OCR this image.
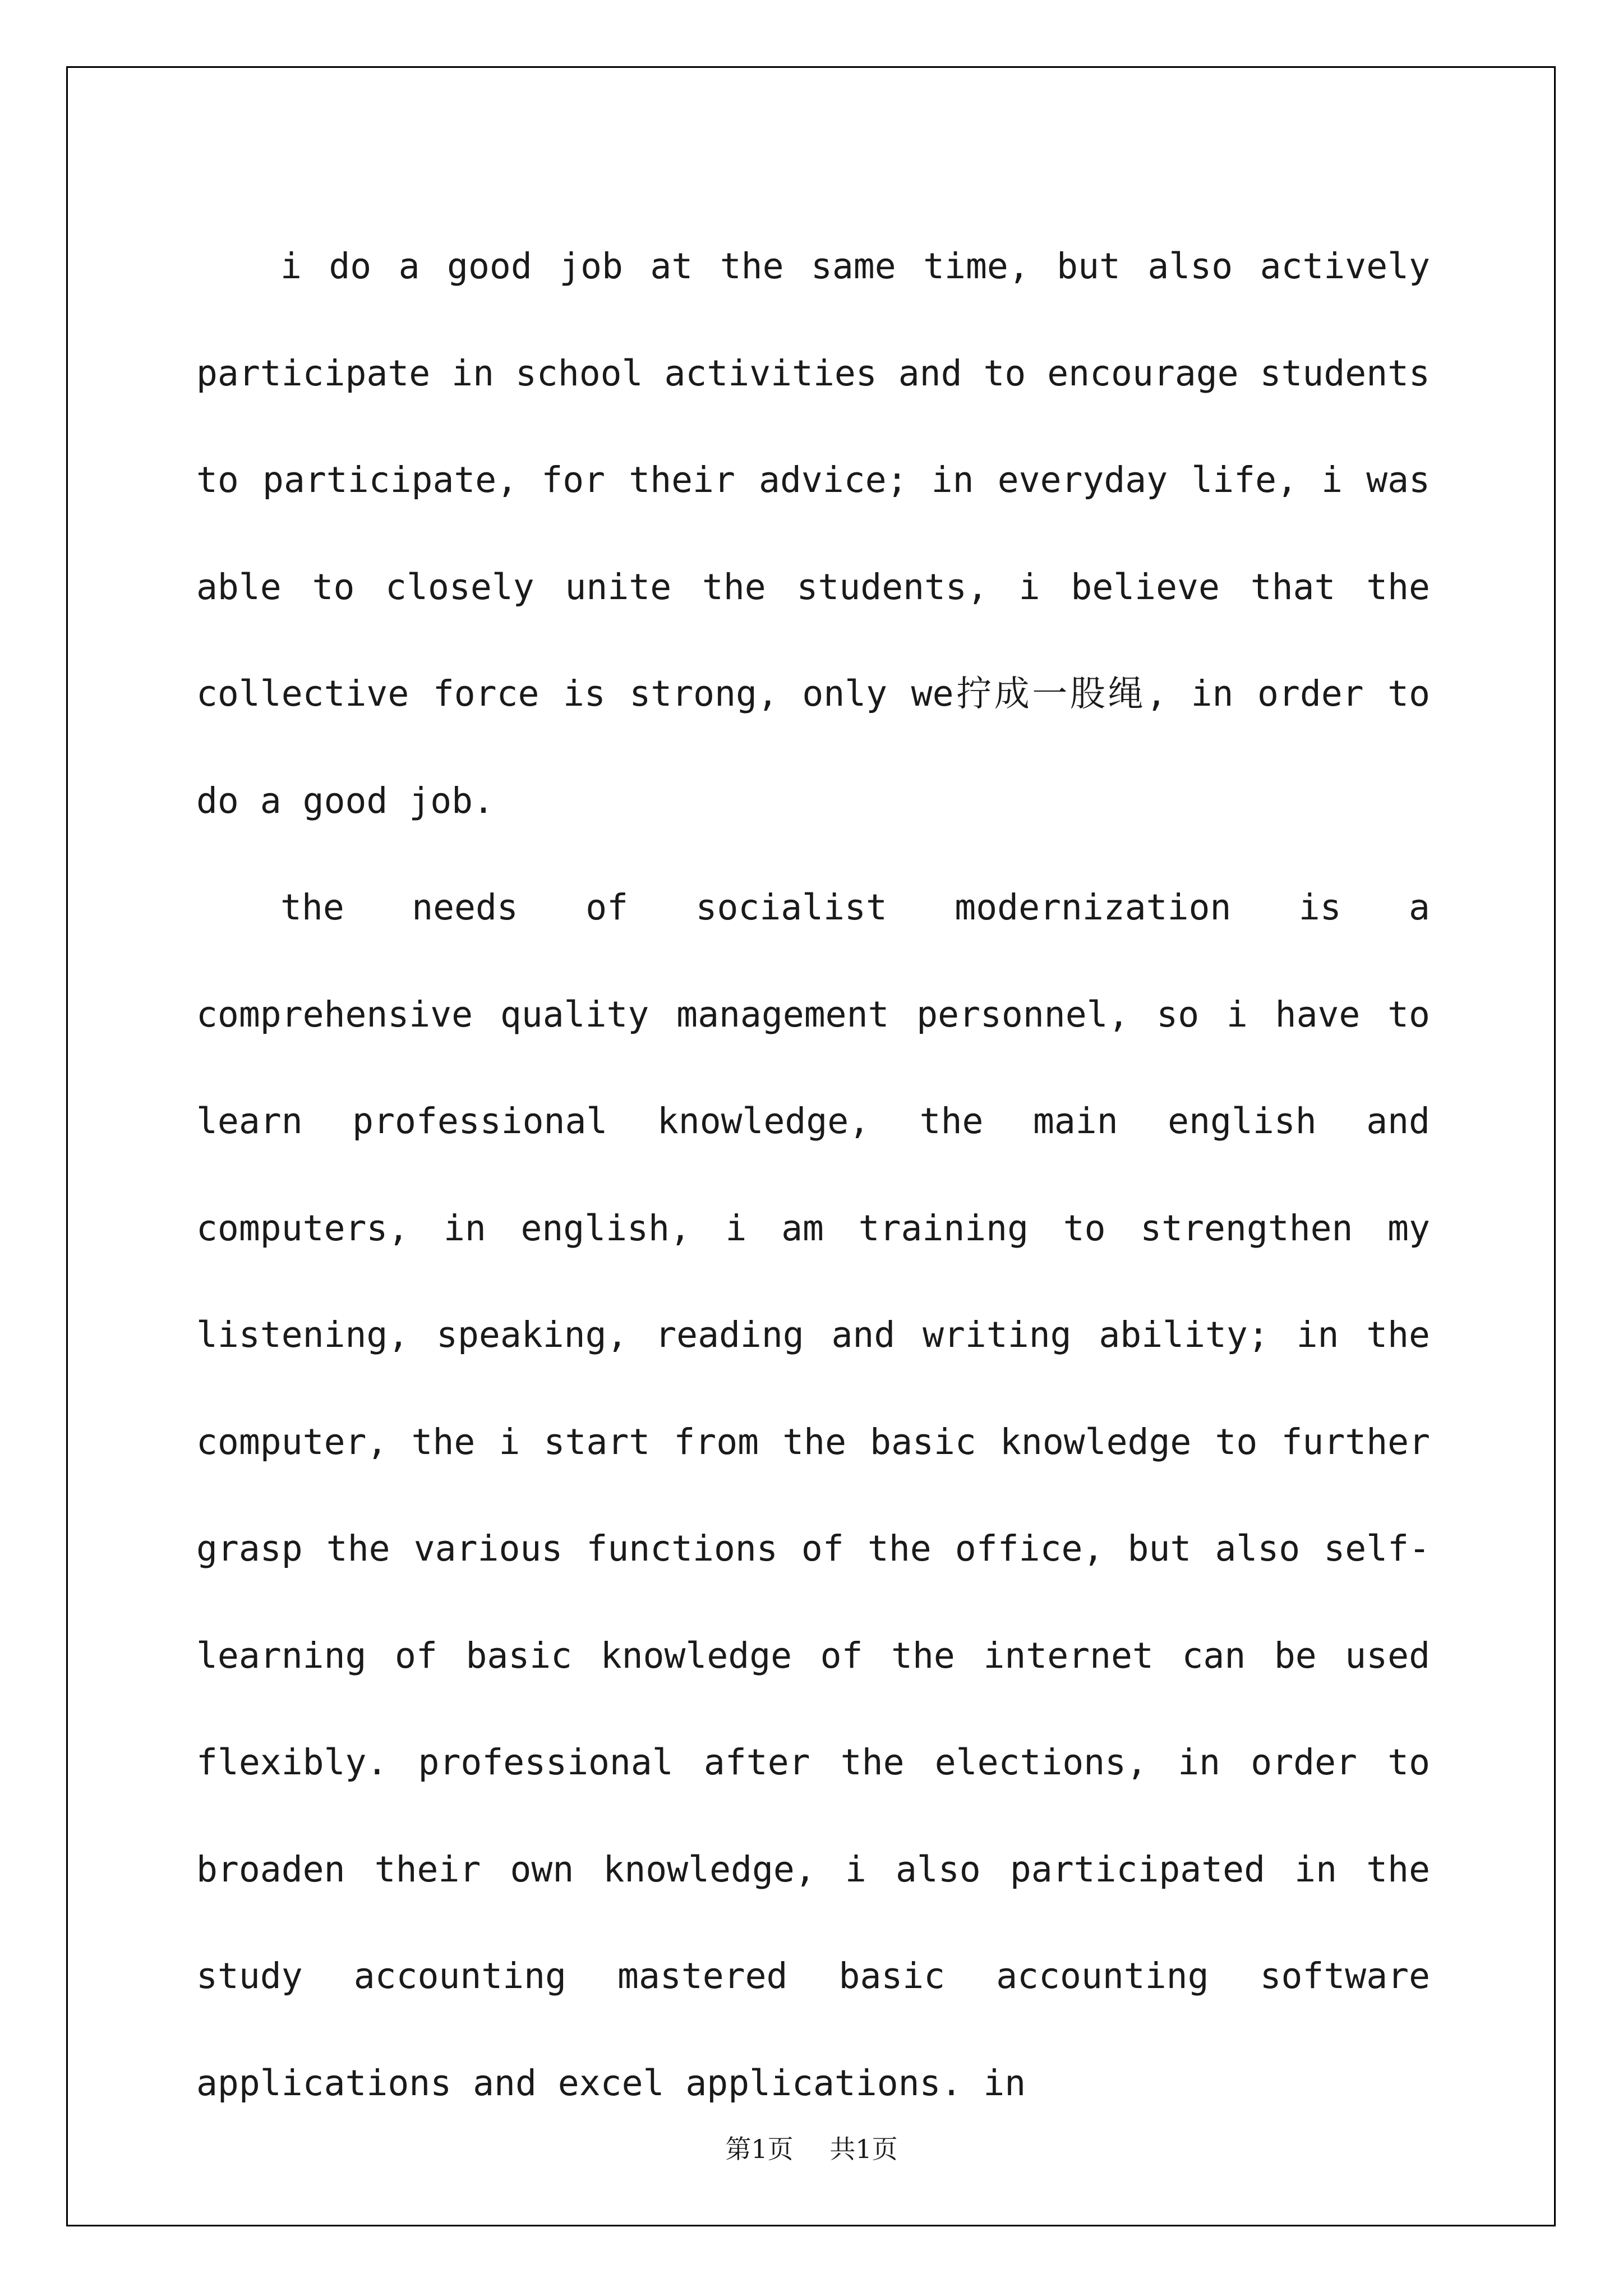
i do a good job at the same time, but also actively participate in school activities and to encourage students to participate, for their advice; in everyday life, i was able to closely unite the students, i believe that the collective force is strong, only we拧成一股绳, in order to do a good job.

the needs of socialist modernization is a comprehensive quality management personnel, so i have to learn professional knowledge, the main english and computers, in english, i am training to strengthen my listening, speaking, reading and writing ability; in the computer, the i start from the basic knowledge to further grasp the various functions of the office, but also self-learning of basic knowledge of the internet can be used flexibly. professional after the elections, in order to broaden their own knowledge, i also participated in the study accounting mastered basic accounting software applications and excel applications. in

第1页 共1页
